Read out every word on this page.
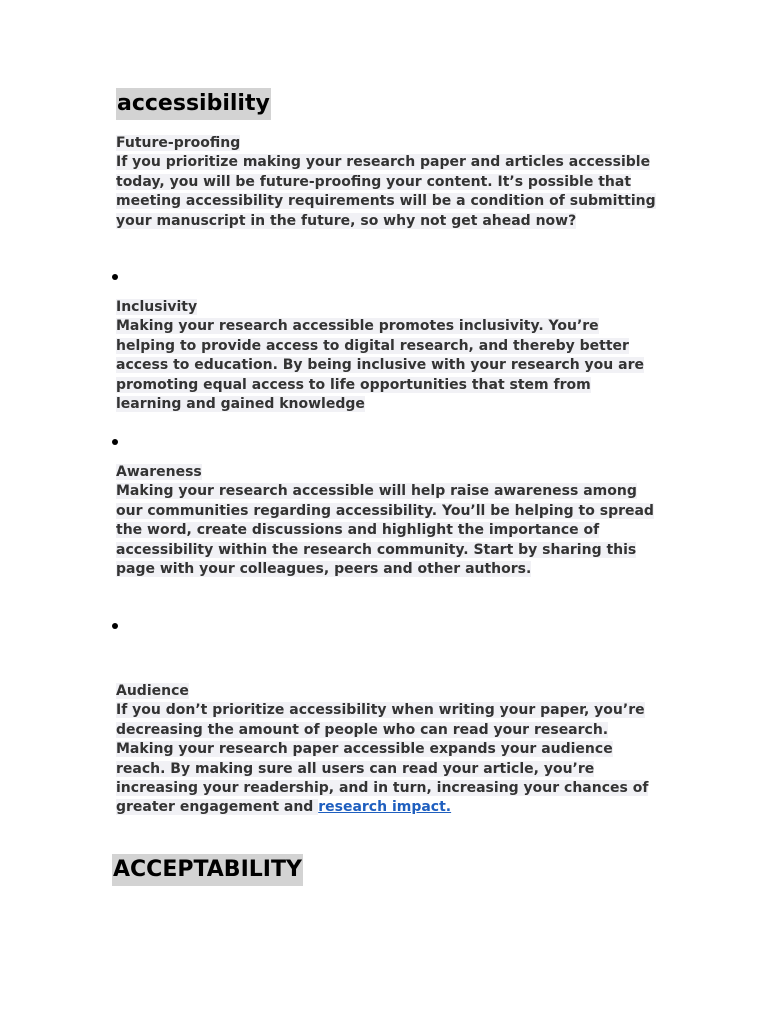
accessibility
Future-proofing
If you prioritize making your research paper and articles accessible today, you will be future-proofing your content. It’s possible that meeting accessibility requirements will be a condition of submitting your manuscript in the future, so why not get ahead now?
Inclusivity
Making your research accessible promotes inclusivity. You’re helping to provide access to digital research, and thereby better access to education. By being inclusive with your research you are promoting equal access to life opportunities that stem from learning and gained knowledge
Awareness
Making your research accessible will help raise awareness among our communities regarding accessibility. You’ll be helping to spread the word, create discussions and highlight the importance of accessibility within the research community. Start by sharing this page with your colleagues, peers and other authors.
Audience
If you don’t prioritize accessibility when writing your paper, you’re decreasing the amount of people who can read your research. Making your research paper accessible expands your audience reach. By making sure all users can read your article, you’re increasing your readership, and in turn, increasing your chances of greater engagement and research impact.
ACCEPTABILITY
